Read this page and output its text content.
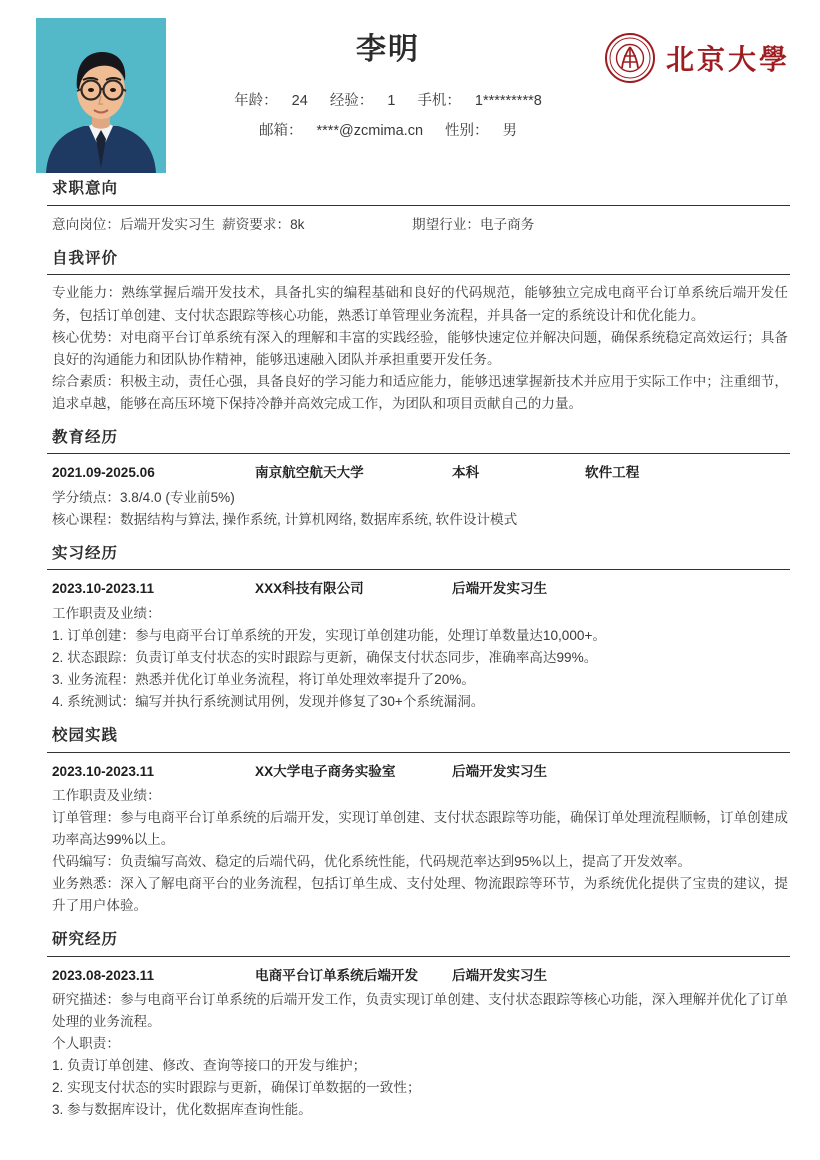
李明
年龄： 24 经验： 1 手机： 1*********8
邮箱： ****@zcmima.cn 性别： 男
北京大學
求职意向
意向岗位：后端开发实习生 薪资要求：8k	期望行业：电子商务
自我评价

专业能力：熟练掌握后端开发技术，具备扎实的编程基础和良好的代码规范，能够独立完成电商平台订单系统后端开发任务，包括订单创建、支付状态跟踪等核心功能，熟悉订单管理业务流程，并具备一定的系统设计和优化能力。

核心优势：对电商平台订单系统有深入的理解和丰富的实践经验，能够快速定位并解决问题，确保系统稳定高效运行；具备良好的沟通能力和团队协作精神，能够迅速融入团队并承担重要开发任务。

综合素质：积极主动，责任心强，具备良好的学习能力和适应能力，能够迅速掌握新技术并应用于实际工作中；注重细节，追求卓越，能够在高压环境下保持冷静并高效完成工作，为团队和项目贡献自己的力量。

教育经历
2021.09-2025.06	南京航空航天大学	本科	软件工程
学分绩点：3.8/4.0 (专业前5%)
核心课程：数据结构与算法, 操作系统, 计算机网络, 数据库系统, 软件设计模式
实习经历
2023.10-2023.11	XXX科技有限公司	后端开发实习生
工作职责及业绩：
1. 订单创建：参与电商平台订单系统的开发，实现订单创建功能，处理订单数量达10,000+。
2. 状态跟踪：负责订单支付状态的实时跟踪与更新，确保支付状态同步，准确率高达99%。
3. 业务流程：熟悉并优化订单业务流程，将订单处理效率提升了20%。
4. 系统测试：编写并执行系统测试用例，发现并修复了30+个系统漏洞。
校园实践
2023.10-2023.11	XX大学电子商务实验室	后端开发实习生
工作职责及业绩：

订单管理：参与电商平台订单系统的后端开发，实现订单创建、支付状态跟踪等功能，确保订单处理流程顺畅，订单创建成功率高达99%以上。

代码编写：负责编写高效、稳定的后端代码，优化系统性能，代码规范率达到95%以上，提高了开发效率。

业务熟悉：深入了解电商平台的业务流程，包括订单生成、支付处理、物流跟踪等环节，为系统优化提供了宝贵的建议，提升了用户体验。

研究经历
2023.08-2023.11	电商平台订单系统后端开发	后端开发实习生

研究描述：参与电商平台订单系统的后端开发工作，负责实现订单创建、支付状态跟踪等核心功能，深入理解并优化了订单处理的业务流程。

个人职责：
1. 负责订单创建、修改、查询等接口的开发与维护；
2. 实现支付状态的实时跟踪与更新，确保订单数据的一致性；
3. 参与数据库设计，优化数据库查询性能。
